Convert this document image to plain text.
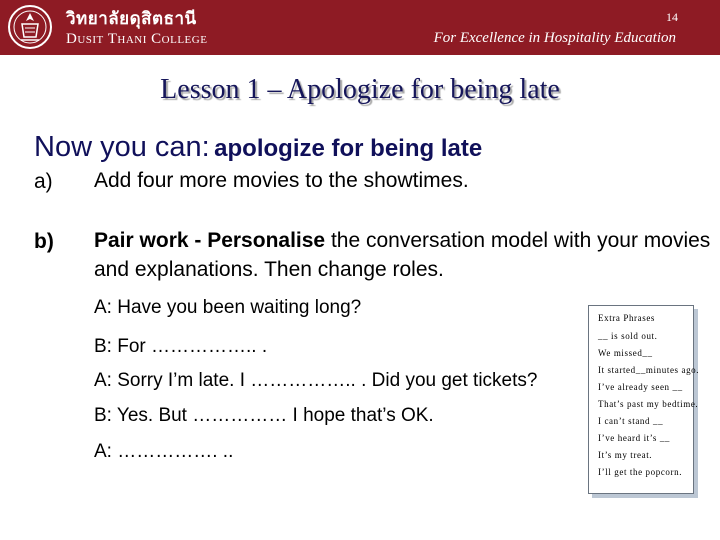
วิทยาลัยดุสิตธานี
Dusit Thani College
14
For Excellence in Hospitality Education
Lesson 1 – Apologize for being late
Now you can: apologize for being late
a) Add four more movies to the showtimes.
b) Pair work - Personalise the conversation model with your movies and explanations. Then change roles.
A: Have you been waiting long?
B: For …………….. .
A: Sorry I’m late. I …………….. . Did you get tickets?
B: Yes. But …………… I hope that’s OK.
A: ……………. ..
Extra Phrases
__ is sold out.
We missed__
It started__minutes ago.
I’ve already seen __
That’s past my bedtime.
I can’t stand __
I’ve heard it’s __
It’s my treat.
I’ll get the popcorn.
